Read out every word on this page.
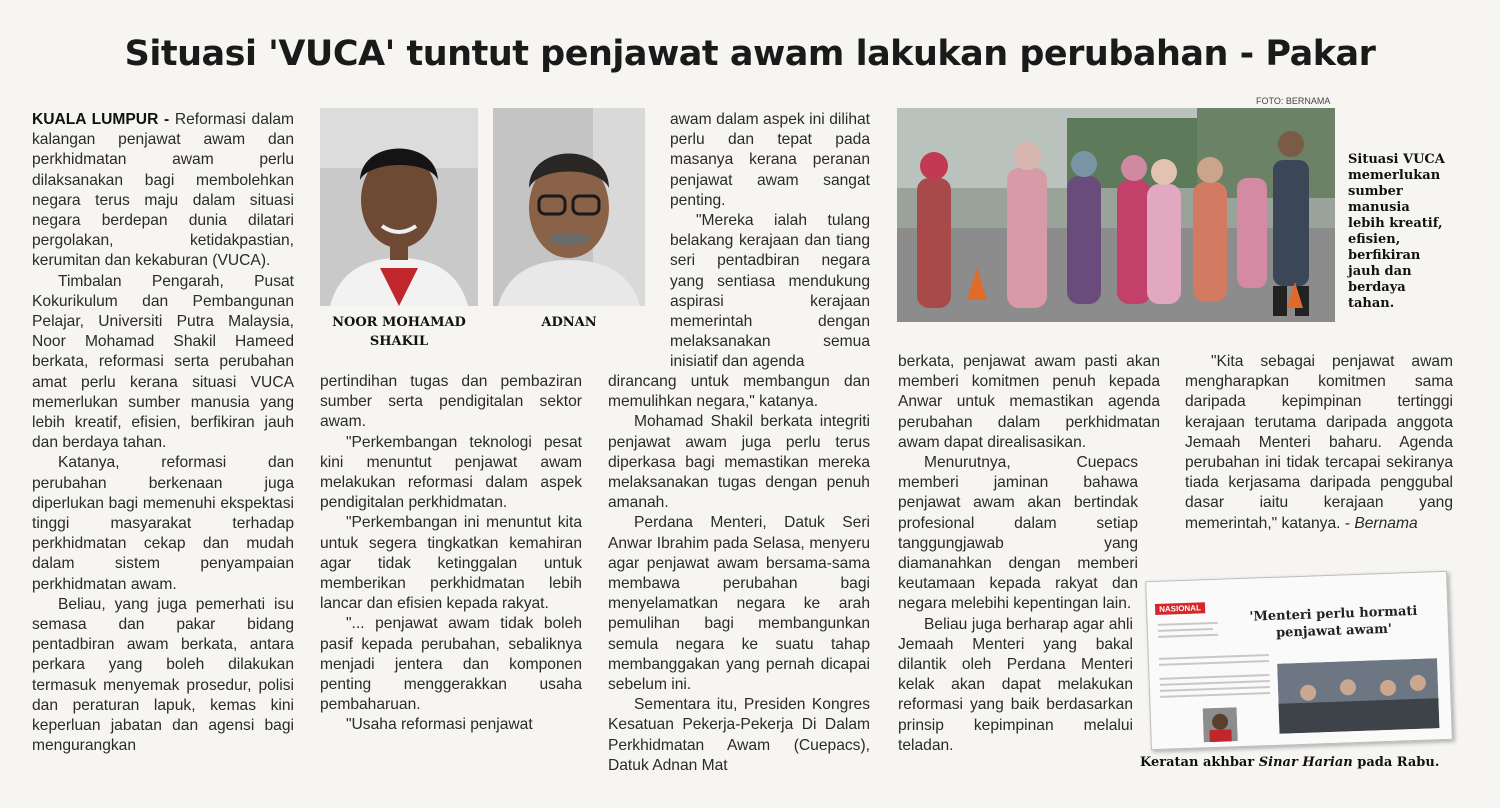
Situasi 'VUCA' tuntut penjawat awam lakukan perubahan - Pakar

KUALA LUMPUR - Reformasi dalam kalangan penjawat awam dan perkhidmatan awam perlu dilaksanakan bagi membolehkan negara terus maju dalam situasi negara berdepan dunia dilatari pergolakan, ketidakpastian, kerumitan dan kekaburan (VUCA).

Timbalan Pengarah, Pusat Kokurikulum dan Pembangunan Pelajar, Universiti Putra Malaysia, Noor Mohamad Shakil Hameed berkata, reformasi serta perubahan amat perlu kerana situasi VUCA memerlukan sumber manusia yang lebih kreatif, efisien, berfikiran jauh dan berdaya tahan.

Katanya, reformasi dan perubahan berkenaan juga diperlukan bagi memenuhi ekspektasi tinggi masyarakat terhadap perkhidmatan cekap dan mudah dalam sistem penyampaian perkhidmatan awam.

Beliau, yang juga pemerhati isu semasa dan pakar bidang pentadbiran awam berkata, antara perkara yang boleh dilakukan termasuk menyemak prosedur, polisi dan peraturan lapuk, kemas kini keperluan jabatan dan agensi bagi mengurangkan

NOOR MOHAMAD
SHAKIL
ADNAN

pertindihan tugas dan pembaziran sumber serta pendigitalan sektor awam.

"Perkembangan teknologi pesat kini menuntut penjawat awam melakukan reformasi dalam aspek pendigitalan perkhidmatan.

"Perkembangan ini menuntut kita untuk segera tingkatkan kemahiran agar tidak ketinggalan untuk memberikan perkhidmatan lebih lancar dan efisien kepada rakyat.

"... penjawat awam tidak boleh pasif kepada perubahan, sebaliknya menjadi jentera dan komponen penting menggerakkan usaha pembaharuan.

"Usaha reformasi penjawat

awam dalam aspek ini dilihat perlu dan tepat pada masanya kerana peranan penjawat awam sangat penting.

"Mereka ialah tulang belakang kerajaan dan tiang seri pentadbiran negara yang sentiasa mendukung aspirasi kerajaan memerintah dengan melaksanakan semua inisiatif dan agenda

dirancang untuk membangun dan memulihkan negara," katanya.

Mohamad Shakil berkata integriti penjawat awam juga perlu terus diperkasa bagi memastikan mereka melaksanakan tugas dengan penuh amanah.

Perdana Menteri, Datuk Seri Anwar Ibrahim pada Selasa, menyeru agar penjawat awam bersama-sama membawa perubahan bagi menyelamatkan negara ke arah pemulihan bagi membangunkan semula negara ke suatu tahap membanggakan yang pernah dicapai sebelum ini.

Sementara itu, Presiden Kongres Kesatuan Pekerja-Pekerja Di Dalam Perkhidmatan Awam (Cuepacs), Datuk Adnan Mat

FOTO: BERNAMA
Situasi VUCA
memerlukan
sumber
manusia
lebih kreatif,
efisien,
berfikiran
jauh dan
berdaya
tahan.

berkata, penjawat awam pasti akan memberi komitmen penuh kepada Anwar untuk memastikan agenda perubahan dalam perkhidmatan awam dapat direalisasikan.

Menurutnya, Cuepacs memberi jaminan bahawa penjawat awam akan bertindak profesional dalam setiap tanggungjawab yang diamanahkan dengan memberi keutamaan kepada rakyat dan negara melebihi kepentingan lain.

Beliau juga berharap agar ahli Jemaah Menteri yang bakal dilantik oleh Perdana Menteri kelak akan dapat melakukan reformasi yang baik berdasarkan prinsip kepimpinan melalui teladan.

"Kita sebagai penjawat awam mengharapkan komitmen sama daripada kepimpinan tertinggi kerajaan terutama daripada anggota Jemaah Menteri baharu. Agenda perubahan ini tidak tercapai sekiranya tiada kerjasama daripada penggubal dasar iaitu kerajaan yang memerintah," katanya. - Bernama

NASIONAL	'Menteri perlu hormati
penjawat awam'
Keratan akhbar Sinar Harian pada Rabu.
